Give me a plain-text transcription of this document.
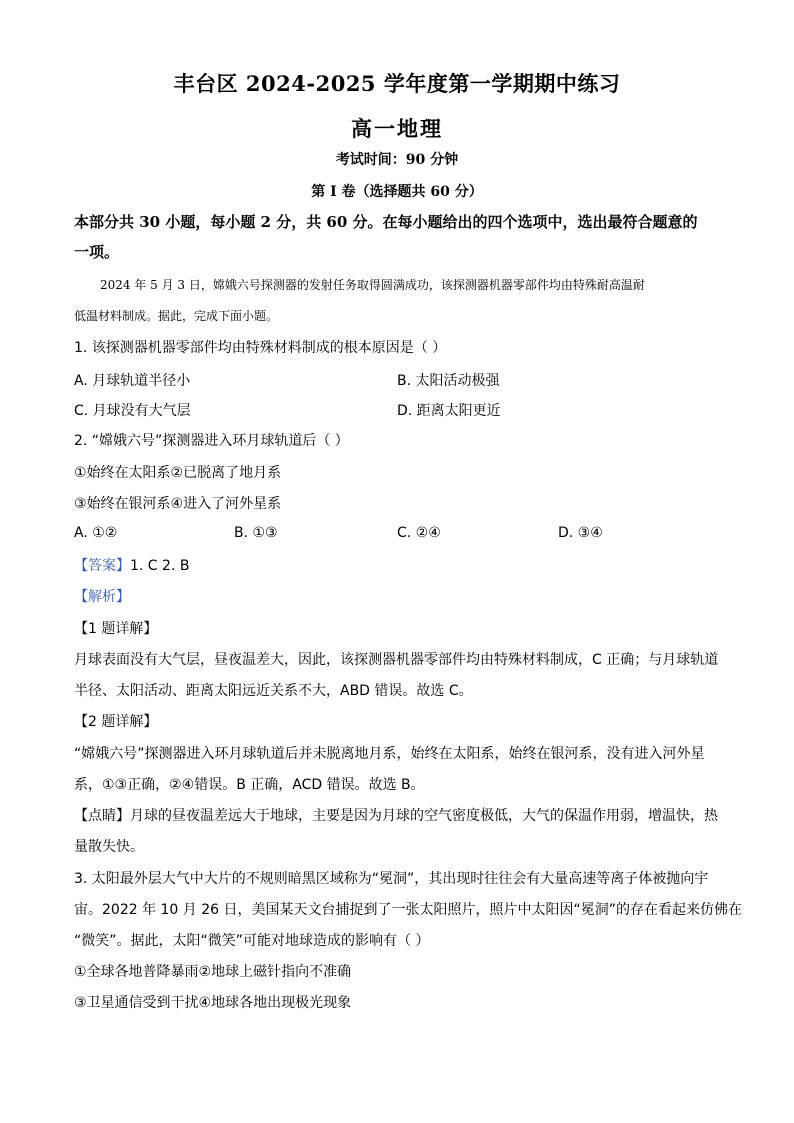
丰台区 2024-2025 学年度第一学期期中练习
高一地理
考试时间：90 分钟
第 I 卷（选择题共 60 分）
本部分共 30 小题，每小题 2 分，共 60 分。在每小题给出的四个选项中，选出最符合题意的
一项。
2024 年 5 月 3 日，嫦娥六号探测器的发射任务取得圆满成功，该探测器机器零部件均由特殊耐高温耐
低温材料制成。据此，完成下面小题。
1. 该探测器机器零部件均由特殊材料制成的根本原因是（ ）
A. 月球轨道半径小	B. 太阳活动极强
C. 月球没有大气层	D. 距离太阳更近
2. “嫦娥六号”探测器进入环月球轨道后（ ）
①始终在太阳系②已脱离了地月系
③始终在银河系④进入了河外星系
A. ①②	B. ①③	C. ②④	D. ③④
【答案】1. C 2. B
【解析】
【1 题详解】
月球表面没有大气层，昼夜温差大，因此，该探测器机器零部件均由特殊材料制成，C 正确；与月球轨道
半径、太阳活动、距离太阳远近关系不大，ABD 错误。故选 C。
【2 题详解】
“嫦娥六号”探测器进入环月球轨道后并未脱离地月系，始终在太阳系，始终在银河系，没有进入河外星
系，①③正确，②④错误。B 正确，ACD 错误。故选 B。
【点睛】月球的昼夜温差远大于地球，主要是因为月球的空气密度极低，大气的保温作用弱，增温快，热
量散失快。
3. 太阳最外层大气中大片的不规则暗黑区域称为“冕洞”，其出现时往往会有大量高速等离子体被抛向宇
宙。2022 年 10 月 26 日，美国某天文台捕捉到了一张太阳照片，照片中太阳因“冕洞”的存在看起来仿佛在
“微笑”。据此，太阳“微笑”可能对地球造成的影响有（ ）
①全球各地普降暴雨②地球上磁针指向不准确
③卫星通信受到干扰④地球各地出现极光现象
